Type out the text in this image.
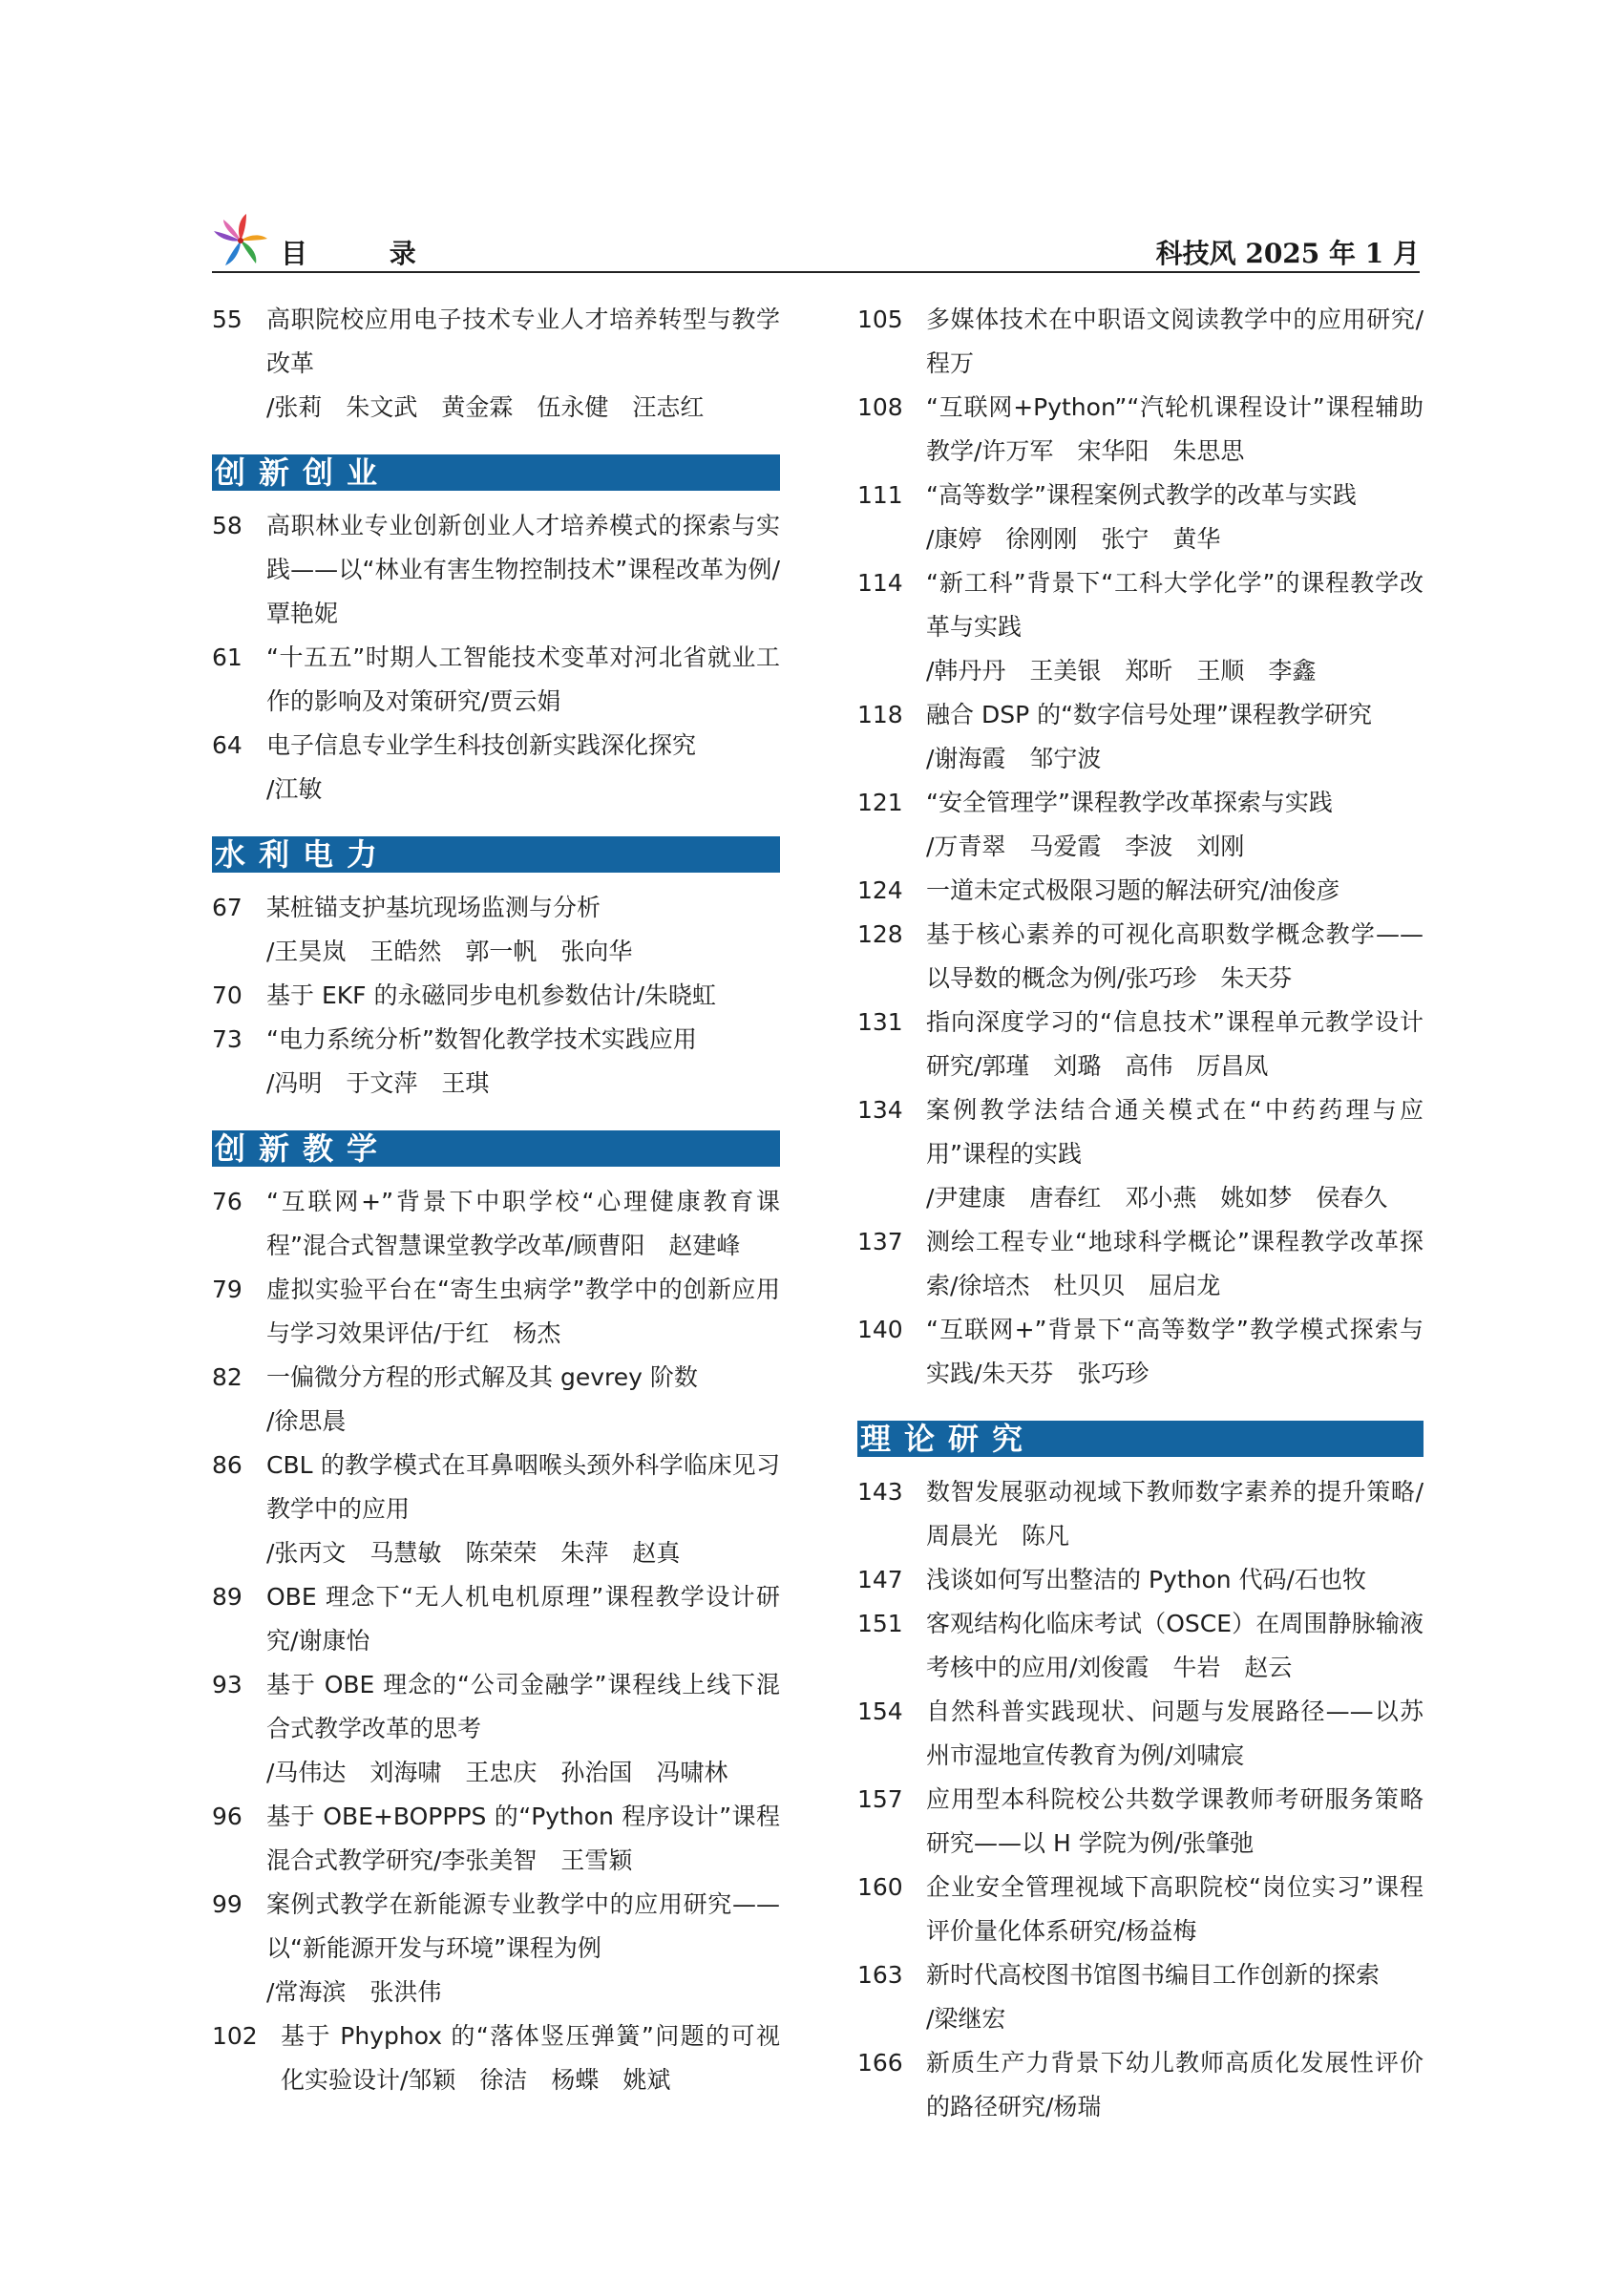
目 录	科技风 2025 年 1 月
55 高职院校应用电子技术专业人才培养转型与教学改革
/张莉　朱文武　黄金霖　伍永健　汪志红
创新创业
58 高职林业专业创新创业人才培养模式的探索与实践——以“林业有害生物控制技术”课程改革为例/覃艳妮
61 “十五五”时期人工智能技术变革对河北省就业工作的影响及对策研究/贾云娟
64 电子信息专业学生科技创新实践深化探究
/江敏
水利电力
67 某桩锚支护基坑现场监测与分析
/王昊岚　王皓然　郭一帆　张向华
70 基于 EKF 的永磁同步电机参数估计/朱晓虹
73 “电力系统分析”数智化教学技术实践应用
/冯明　于文萍　王琪
创新教学
76 “互联网+”背景下中职学校“心理健康教育课程”混合式智慧课堂教学改革/顾曹阳　赵建峰
79 虚拟实验平台在“寄生虫病学”教学中的创新应用与学习效果评估/于红　杨杰
82 一偏微分方程的形式解及其 gevrey 阶数
/徐思晨
86 CBL 的教学模式在耳鼻咽喉头颈外科学临床见习教学中的应用
/张丙文　马慧敏　陈荣荣　朱萍　赵真
89 OBE 理念下“无人机电机原理”课程教学设计研究/谢康怡
93 基于 OBE 理念的“公司金融学”课程线上线下混合式教学改革的思考
/马伟达　刘海啸　王忠庆　孙治国　冯啸林
96 基于 OBE+BOPPPS 的“Python 程序设计”课程混合式教学研究/李张美智　王雪颖
99 案例式教学在新能源专业教学中的应用研究——以“新能源开发与环境”课程为例
/常海滨　张洪伟
102 基于 Phyphox 的“落体竖压弹簧”问题的可视化实验设计/邹颖　徐洁　杨蝶　姚斌
105 多媒体技术在中职语文阅读教学中的应用研究/程万
108 “互联网+Python”“汽轮机课程设计”课程辅助教学/许万军　宋华阳　朱思思
111 “高等数学”课程案例式教学的改革与实践
/康婷　徐刚刚　张宁　黄华
114 “新工科”背景下“工科大学化学”的课程教学改革与实践
/韩丹丹　王美银　郑昕　王顺　李鑫
118 融合 DSP 的“数字信号处理”课程教学研究
/谢海霞　邹宁波
121 “安全管理学”课程教学改革探索与实践
/万青翠　马爱霞　李波　刘刚
124 一道未定式极限习题的解法研究/油俊彦
128 基于核心素养的可视化高职数学概念教学——以导数的概念为例/张巧珍　朱天芬
131 指向深度学习的“信息技术”课程单元教学设计研究/郭瑾　刘璐　高伟　厉昌凤
134 案例教学法结合通关模式在“中药药理与应用”课程的实践
/尹建康　唐春红　邓小燕　姚如梦　侯春久
137 测绘工程专业“地球科学概论”课程教学改革探索/徐培杰　杜贝贝　屈启龙
140 “互联网+”背景下“高等数学”教学模式探索与实践/朱天芬　张巧珍
理论研究
143 数智发展驱动视域下教师数字素养的提升策略/周晨光　陈凡
147 浅谈如何写出整洁的 Python 代码/石也牧
151 客观结构化临床考试（OSCE）在周围静脉输液考核中的应用/刘俊霞　牛岩　赵云
154 自然科普实践现状、问题与发展路径——以苏州市湿地宣传教育为例/刘啸宸
157 应用型本科院校公共数学课教师考研服务策略研究——以 H 学院为例/张肇弛
160 企业安全管理视域下高职院校“岗位实习”课程评价量化体系研究/杨益梅
163 新时代高校图书馆图书编目工作创新的探索
/梁继宏
166 新质生产力背景下幼儿教师高质化发展性评价的路径研究/杨瑞
